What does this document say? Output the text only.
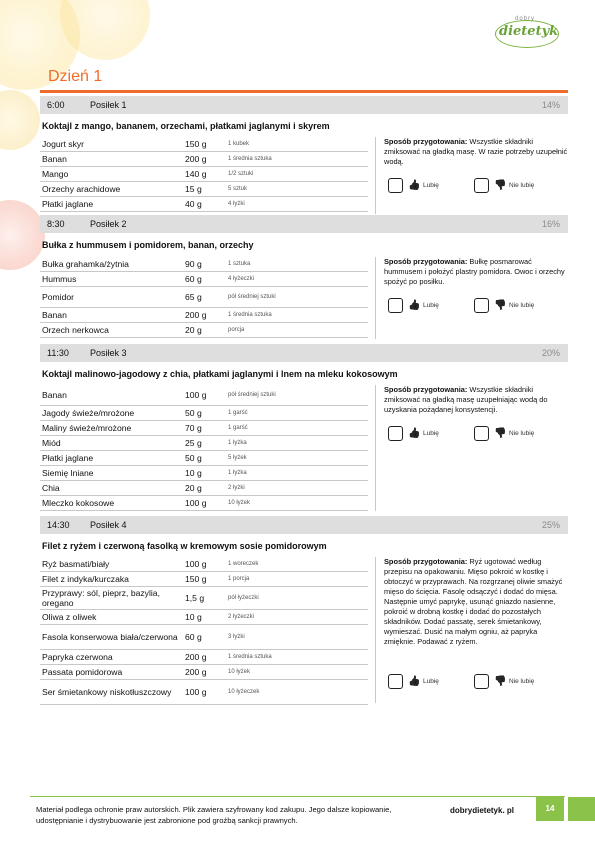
dobry
dietetyk
Dzień 1
6:00	Posiłek 1	14%
Koktajl z mango, bananem, orzechami, płatkami jaglanymi i skyrem
Jogurt skyr	150 g	1 kubek
Banan	200 g	1 średnia sztuka
Mango	140 g	1/2 sztuki
Orzechy arachidowe	15 g	5 sztuk
Płatki jaglane	40 g	4 łyżki
Sposób przygotowania: Wszystkie składniki zmiksować na gładką masę. W razie potrzeby uzupełnić wodą.
👍 Lubię	👎 Nie lubię
8:30	Posiłek 2	16%
Bułka z hummusem i pomidorem, banan, orzechy
Bułka grahamka/żytnia	90 g	1 sztuka
Hummus	60 g	4 łyżeczki
Pomidor	65 g	pół średniej sztuki
Banan	200 g	1 średnia sztuka
Orzech nerkowca	20 g	porcja
Sposób przygotowania: Bułkę posmarować hummusem i położyć plastry pomidora. Owoc i orzechy spożyć po posiłku.
👍 Lubię	👎 Nie lubię
11:30 Posiłek 3	20%
Koktajl malinowo-jagodowy z chia, płatkami jaglanymi i lnem na mleku kokosowym
Banan	100 g	pół średniej sztuki
Jagody świeże/mrożone	50 g	1 garść
Maliny świeże/mrożone	70 g	1 garść
Miód	25 g	1 łyżka
Płatki jaglane	50 g	5 łyżek
Siemię lniane	10 g	1 łyżka
Chia	20 g	2 łyżki
Mleczko kokosowe	100 g	10 łyżek
Sposób przygotowania: Wszystkie składniki zmiksować na gładką masę uzupełniając wodą do uzyskania pożądanej konsystencji.
👍 Lubię	👎 Nie lubię
14:30 Posiłek 4	25%
Filet z ryżem i czerwoną fasolką w kremowym sosie pomidorowym
Ryż basmati/biały	100 g	1 woreczek
Filet z indyka/kurczaka	150 g	1 porcja
Przyprawy: sól, pieprz, bazylia, oregano	1,5 g	pół łyżeczki
Oliwa z oliwek	10 g	2 łyżeczki
Fasola konserwowa biała/czerwona 60 g	3 łyżki
Papryka czerwona	200 g	1 średnia sztuka
Passata pomidorowa	200 g	10 łyżek
Ser śmietankowy niskotłuszczowy	100 g	10 łyżeczek
Sposób przygotowania: Ryż ugotować według przepisu na opakowaniu. Mięso pokroić w kostkę i obtoczyć w przyprawach. Na rozgrzanej oliwie smażyć mięso do ścięcia. Fasolę odsączyć i dodać do mięsa. Następnie umyć paprykę, usunąć gniazdo nasienne, pokroić w drobną kostkę i dodać do pozostałych składników. Dodać passatę, serek śmietankowy, wymieszać. Dusić na małym ogniu, aż papryka zmięknie. Podawać z ryżem.
👍 Lubię	👎 Nie lubię
Materiał podlega ochronie praw autorskich. Plik zawiera szyfrowany kod zakupu. Jego dalsze kopiowanie, udostępnianie i dystrybuowanie jest zabronione pod groźbą sankcji prawnych.
dobrydietetyk. pl	14
